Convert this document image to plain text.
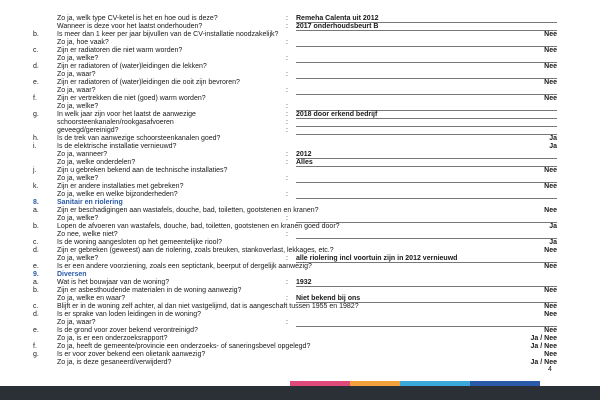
Zo ja, welk type CV-ketel is het en hoe oud is deze?	: Remeha Calenta uit 2012
Wanneer is deze voor het laatst onderhouden?	: 2017 onderhoudsbeurt B
b.	Is meer dan 1 keer per jaar bijvullen van de CV-installatie noodzakelijk?	Nee
Zo ja, hoe vaak?	:
c.	Zijn er radiatoren die niet warm worden?	Nee
Zo ja, welke?	:
d.	Zijn er radiatoren of (water)leidingen die lekken?	Nee
Zo ja, waar?	:
e.	Zijn er radiatoren of (water)leidingen die ooit zijn bevroren?	Nee
Zo ja, waar?	:
f.	Zijn er vertrekken die niet (goed) warm worden?	Nee
Zo ja, welke?	:
g.	In welk jaar zijn voor het laatst de aanwezige	: 2018 door erkend bedrijf
schoorsteenkanalen/rookgasafvoeren	:
geveegd/gereinigd?	:
h.	Is de trek van aanwezige schoorsteenkanalen goed?	Ja
i.	Is de elektrische installatie vernieuwd?	Ja
Zo ja, wanneer?	: 2012
Zo ja, welke onderdelen?	: Alles
j.	Zijn u gebreken bekend aan de technische installaties?	Nee
Zo ja, welke?	:
k.	Zijn er andere installaties met gebreken?	Nee
Zo ja, welke en welke bijzonderheden?	:
8.	Sanitair en riolering
a.	Zijn er beschadigingen aan wastafels, douche, bad, toiletten, gootstenen en kranen?	Nee
Zo ja, welke?	:
b.	Lopen de afvoeren van wastafels, douche, bad, toiletten, gootstenen en kranen goed door?	Ja
Zo nee, welke niet?	:
c.	Is de woning aangesloten op het gemeentelijke riool?	Ja
d.	Zijn er gebreken (geweest) aan de riolering, zoals breuken, stankoverlast, lekkages, etc.?	Nee
Zo ja, welke?	: alle riolering incl voortuin zijn in 2012 vernieuwd
e.	Is er een andere voorziening, zoals een septictank, beerput of dergelijk aanwezig?	Nee
9.	Diversen
a.	Wat is het bouwjaar van de woning?	: 1932
b.	Zijn er asbesthoudende materialen in de woning aanwezig?	Nee
Zo ja, welke en waar?	: Niet bekend bij ons
c.	Blijft er in de woning zelf achter, al dan niet vastgelijmd, dat is aangeschaft tussen 1955 en 1982?	Nee
d.	Is er sprake van loden leidingen in de woning?	Nee
Zo ja, waar?	:
e.	Is de grond voor zover bekend verontreinigd?	Nee
Zo ja, is er een onderzoeksrapport?	Ja / Nee
f.	Zo ja, heeft de gemeente/provincie een onderzoeks- of saneringsbevel opgelegd?	Ja / Nee
g.	Is er voor zover bekend een olietank aanwezig?	Nee
Zo ja, is deze gesaneerd/verwijderd?	Ja / Nee
4
